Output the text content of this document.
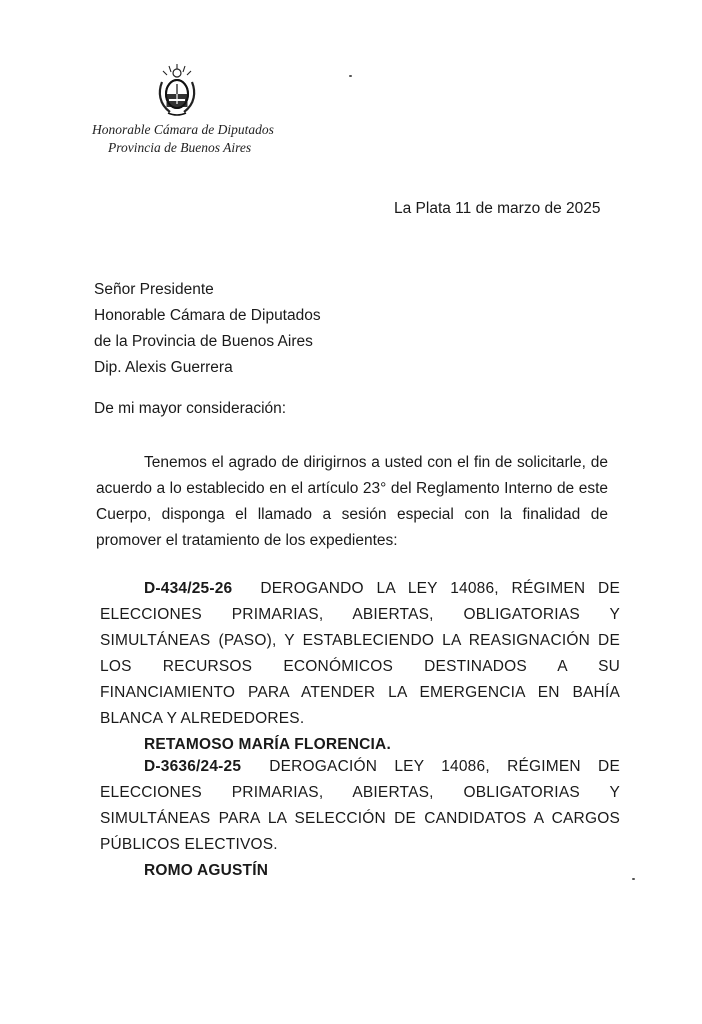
Honorable Cámara de Diputados
Provincia de Buenos Aires
La Plata 11 de marzo de 2025
Señor Presidente
Honorable Cámara de Diputados
de la Provincia de Buenos Aires
Dip. Alexis Guerrera
De mi mayor consideración:
Tenemos el agrado de dirigirnos a usted con el fin de solicitarle, de acuerdo a lo establecido en el artículo 23° del Reglamento Interno de este Cuerpo, disponga el llamado a sesión especial con la finalidad de promover el tratamiento de los expedientes:
D-434/25-26 DEROGANDO LA LEY 14086, RÉGIMEN DE ELECCIONES PRIMARIAS, ABIERTAS, OBLIGATORIAS Y SIMULTÁNEAS (PASO), Y ESTABLECIENDO LA REASIGNACIÓN DE LOS RECURSOS ECONÓMICOS DESTINADOS A SU FINANCIAMIENTO PARA ATENDER LA EMERGENCIA EN BAHÍA BLANCA Y ALREDEDORES.
RETAMOSO MARÍA FLORENCIA.
D-3636/24-25 DEROGACIÓN LEY 14086, RÉGIMEN DE ELECCIONES PRIMARIAS, ABIERTAS, OBLIGATORIAS Y SIMULTÁNEAS PARA LA SELECCIÓN DE CANDIDATOS A CARGOS PÚBLICOS ELECTIVOS.
ROMO AGUSTÍN
